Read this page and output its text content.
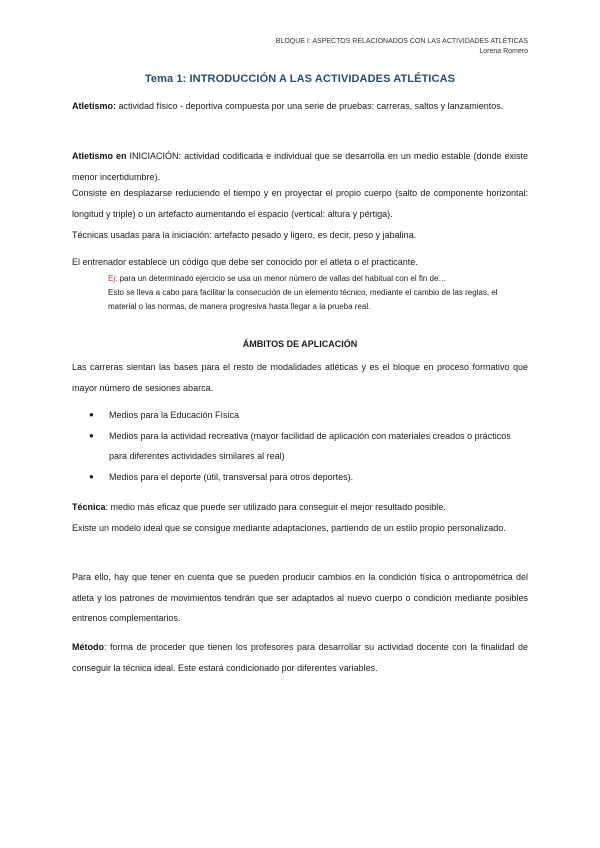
BLOQUE I: ASPECTOS RELACIONADOS CON LAS ACTIVIDADES ATLÉTICAS
Lorena Romero
Tema 1: INTRODUCCIÓN A LAS ACTIVIDADES ATLÉTICAS
Atletismo: actividad físico - deportiva compuesta por una serie de pruebas: carreras, saltos y lanzamientos.
Atletismo en INICIACIÓN: actividad codificada e individual que se desarrolla en un medio estable (donde existe menor incertidumbre).
Consiste en desplazarse reduciendo el tiempo y en proyectar el propio cuerpo (salto de componente horizontal: longitud y triple) o un artefacto aumentando el espacio (vertical: altura y pértiga).
Técnicas usadas para la iniciación: artefacto pesado y ligero, es decir, peso y jabalina.
El entrenador establece un código que debe ser conocido por el atleta o el practicante.
Ej: para un determinado ejercicio se usa un menor número de vallas del habitual con el fin de…
Esto se lleva a cabo para facilitar la consecución de un elemento técnico, mediante el cambio de las reglas, el material o las normas, de manera progresiva hasta llegar a la prueba real.
ÁMBITOS DE APLICACIÓN
Las carreras sientan las bases para el resto de modalidades atléticas y es el bloque en proceso formativo que mayor número de sesiones abarca.
● Medios para la Educación Física
● Medios para la actividad recreativa (mayor facilidad de aplicación con materiales creados o prácticos para diferentes actividades similares al real)
● Medios para el deporte (útil, transversal para otros deportes).
Técnica: medio más eficaz que puede ser utilizado para conseguir el mejor resultado posible.
Existe un modelo ideal que se consigue mediante adaptaciones, partiendo de un estilo propio personalizado.
Para ello, hay que tener en cuenta que se pueden producir cambios en la condición física o antropométrica del atleta y los patrones de movimientos tendrán que ser adaptados al nuevo cuerpo o condición mediante posibles entrenos complementarios.
Método: forma de proceder que tienen los profesores para desarrollar su actividad docente con la finalidad de conseguir la técnica ideal. Este estará condicionado por diferentes variables.
